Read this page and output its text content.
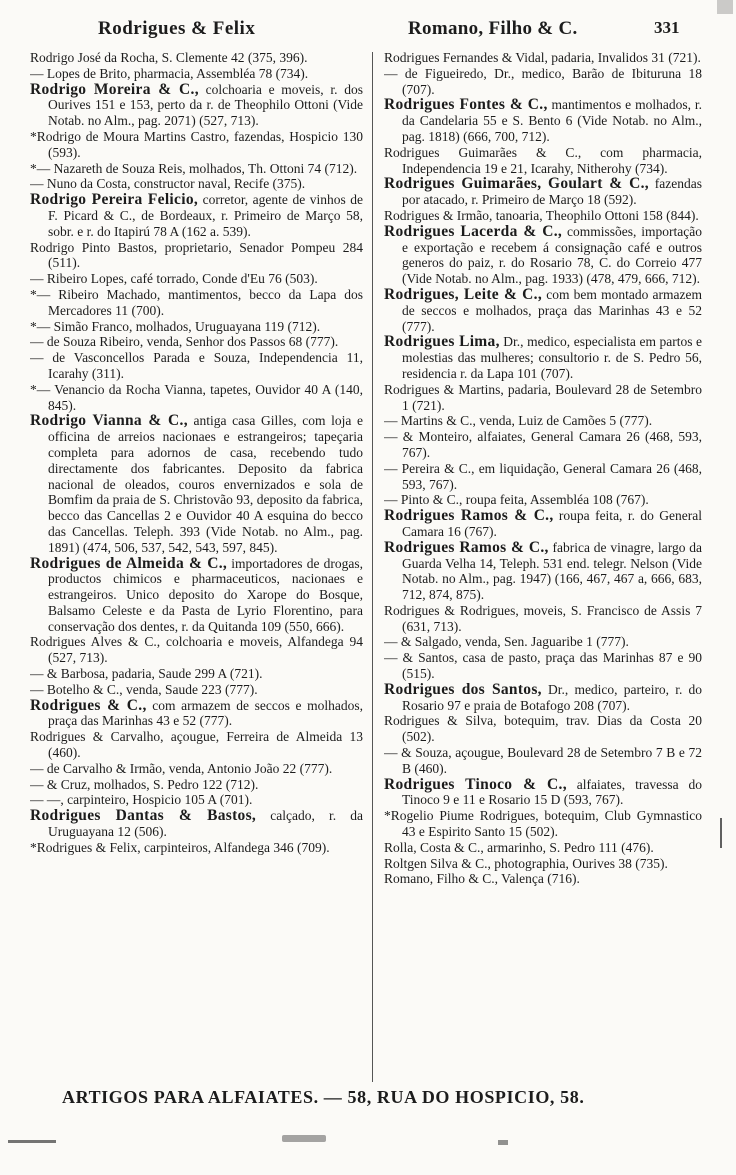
Rodrigues & Felix	Romano, Filho & C.	331

Rodrigo José da Rocha, S. Clemente 42 (375, 396).

— Lopes de Brito, pharmacia, Assembléa 78 (734).

Rodrigo Moreira & C., colchoaria e moveis, r. dos Ourives 151 e 153, perto da r. de Theophilo Ottoni (Vide Notab. no Alm., pag. 2071) (527, 713).

* Rodrigo de Moura Martins Castro, fazendas, Hospicio 130 (593).

* — Nazareth de Souza Reis, molhados, Th. Ottoni 74 (712).

— Nuno da Costa, constructor naval, Recife (375).

Rodrigo Pereira Felicio, corretor, agente de vinhos de F. Picard & C., de Bordeaux, r. Primeiro de Março 58, sobr. e r. do Itapirú 78 A (162 a. 539).

Rodrigo Pinto Bastos, proprietario, Senador Pompeu 284 (511).

— Ribeiro Lopes, café torrado, Conde d'Eu 76 (503).

* — Ribeiro Machado, mantimentos, becco da Lapa dos Mercadores 11 (700).

* — Simão Franco, molhados, Uruguayana 119 (712).

— de Souza Ribeiro, venda, Senhor dos Passos 68 (777).

— de Vasconcellos Parada e Souza, Independencia 11, Icarahy (311).

* — Venancio da Rocha Vianna, tapetes, Ouvidor 40 A (140, 845).

Rodrigo Vianna & C., antiga casa Gilles, com loja e officina de arreios nacionaes e estrangeiros; tapeçaria completa para adornos de casa, recebendo tudo directamente dos fabricantes. Deposito da fabrica nacional de oleados, couros envernizados e sola de Bomfim da praia de S. Christovão 93, deposito da fabrica, becco das Cancellas 2 e Ouvidor 40 A esquina do becco das Cancellas. Teleph. 393 (Vide Notab. no Alm., pag. 1891) (474, 506, 537, 542, 543, 597, 845).

Rodrigues de Almeida & C., importadores de drogas, productos chimicos e pharmaceuticos, nacionaes e estrangeiros. Unico deposito do Xarope do Bosque, Balsamo Celeste e da Pasta de Lyrio Florentino, para conservação dos dentes, r. da Quitanda 109 (550, 666).

Rodrigues Alves & C., colchoaria e moveis, Alfandega 94 (527, 713).

— & Barbosa, padaria, Saude 299 A (721).

— Botelho & C., venda, Saude 223 (777).

Rodrigues & C., com armazem de seccos e molhados, praça das Marinhas 43 e 52 (777).

Rodrigues & Carvalho, açougue, Ferreira de Almeida 13 (460).

— de Carvalho & Irmão, venda, Antonio João 22 (777).

— & Cruz, molhados, S. Pedro 122 (712).

— —, carpinteiro, Hospicio 105 A (701).

Rodrigues Dantas & Bastos, calçado, r. da Uruguayana 12 (506).

* Rodrigues & Felix, carpinteiros, Alfandega 346 (709).

Rodrigues Fernandes & Vidal, padaria, Invalidos 31 (721).

— de Figueiredo, Dr., medico, Barão de Ibituruna 18 (707).

Rodrigues Fontes & C., mantimentos e molhados, r. da Candelaria 55 e S. Bento 6 (Vide Notab. no Alm., pag. 1818) (666, 700, 712).

Rodrigues Guimarães & C., com pharmacia, Independencia 19 e 21, Icarahy, Nitherohy (734).

Rodrigues Guimarães, Goulart & C., fazendas por atacado, r. Primeiro de Março 18 (592).

Rodrigues & Irmão, tanoaria, Theophilo Ottoni 158 (844).

Rodrigues Lacerda & C., commissões, importação e exportação e recebem á consignação café e outros generos do paiz, r. do Rosario 78, C. do Correio 477 (Vide Notab. no Alm., pag. 1933) (478, 479, 666, 712).

Rodrigues, Leite & C., com bem montado armazem de seccos e molhados, praça das Marinhas 43 e 52 (777).

Rodrigues Lima, Dr., medico, especialista em partos e molestias das mulheres; consultorio r. de S. Pedro 56, residencia r. da Lapa 101 (707).

Rodrigues & Martins, padaria, Boulevard 28 de Setembro 1 (721).

— Martins & C., venda, Luiz de Camões 5 (777).

— & Monteiro, alfaiates, General Camara 26 (468, 593, 767).

— Pereira & C., em liquidação, General Camara 26 (468, 593, 767).

— Pinto & C., roupa feita, Assembléa 108 (767).

Rodrigues Ramos & C., roupa feita, r. do General Camara 16 (767).

Rodrigues Ramos & C., fabrica de vinagre, largo da Guarda Velha 14, Teleph. 531 end. telegr. Nelson (Vide Notab. no Alm., pag. 1947) (166, 467, 467 a, 666, 683, 712, 874, 875).

Rodrigues & Rodrigues, moveis, S. Francisco de Assis 7 (631, 713).

— & Salgado, venda, Sen. Jaguaribe 1 (777).

— & Santos, casa de pasto, praça das Marinhas 87 e 90 (515).

Rodrigues dos Santos, Dr., medico, parteiro, r. do Rosario 97 e praia de Botafogo 208 (707).

Rodrigues & Silva, botequim, trav. Dias da Costa 20 (502).

— & Souza, açougue, Boulevard 28 de Setembro 7 B e 72 B (460).

Rodrigues Tinoco & C., alfaiates, travessa do Tinoco 9 e 11 e Rosario 15 D (593, 767).

* Rogelio Piume Rodrigues, botequim, Club Gymnastico 43 e Espirito Santo 15 (502).

Rolla, Costa & C., armarinho, S. Pedro 111 (476).

Roltgen Silva & C., photographia, Ourives 38 (735).

Romano, Filho & C., Valença (716).

ARTIGOS PARA ALFAIATES. — 58, RUA DO HOSPICIO, 58.
